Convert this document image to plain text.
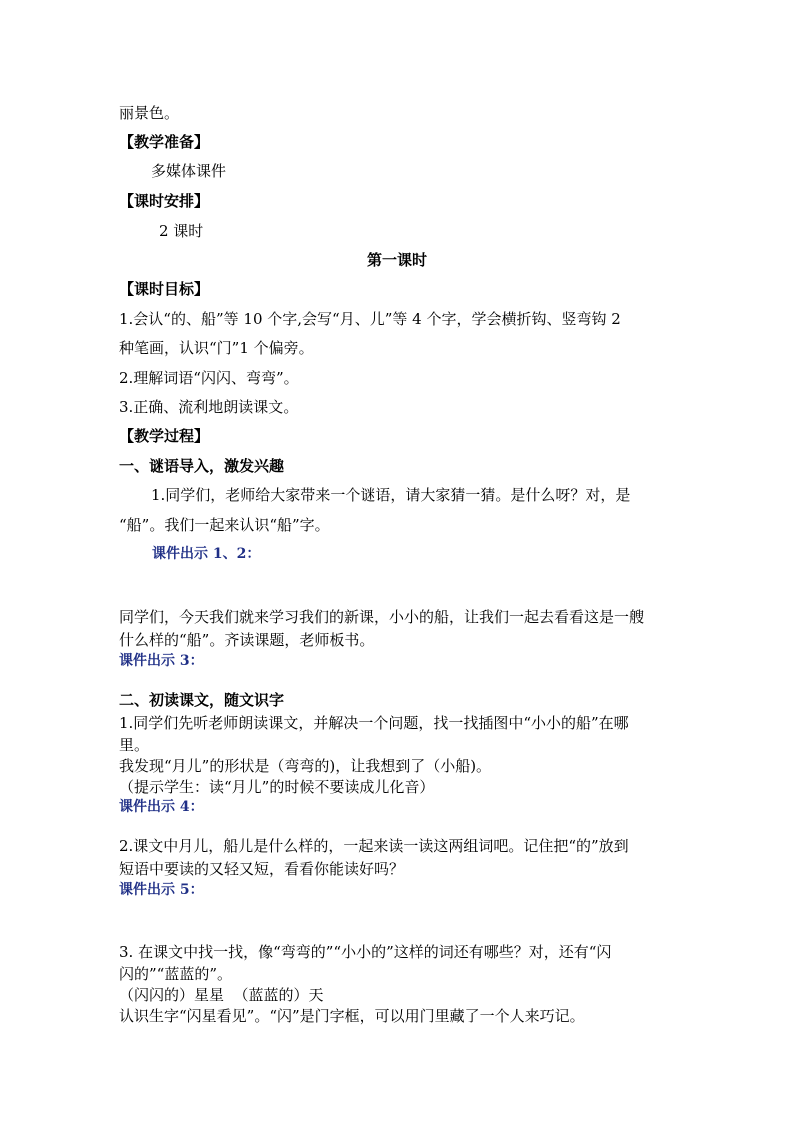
丽景色。
【教学准备】
多媒体课件
【课时安排】
2 课时
第一课时
【课时目标】
1.会认“的、船”等 10 个字,会写“月、儿”等 4 个字，学会横折钩、竖弯钩 2
种笔画，认识“门”1 个偏旁。
2.理解词语“闪闪、弯弯”。
3.正确、流利地朗读课文。
【教学过程】
一、谜语导入，激发兴趣
1.同学们，老师给大家带来一个谜语，请大家猜一猜。是什么呀？对，是
“船”。我们一起来认识“船”字。
课件出示 1、2：
同学们，今天我们就来学习我们的新课，小小的船，让我们一起去看看这是一艘
什么样的“船”。齐读课题，老师板书。
课件出示 3：
二、初读课文，随文识字
1.同学们先听老师朗读课文，并解决一个问题，找一找插图中“小小的船”在哪
里。
我发现“月儿”的形状是（弯弯的)，让我想到了（小船)。
（提示学生：读“月儿”的时候不要读成儿化音）
课件出示 4：
2.课文中月儿，船儿是什么样的，一起来读一读这两组词吧。记住把“的”放到
短语中要读的又轻又短，看看你能读好吗？
课件出示 5：
3. 在课文中找一找，像“弯弯的”“小小的”这样的词还有哪些？对，还有“闪
闪的”“蓝蓝的”。
（闪闪的）星星  （蓝蓝的）天
认识生字“闪星看见”。“闪”是门字框，可以用门里藏了一个人来巧记。
